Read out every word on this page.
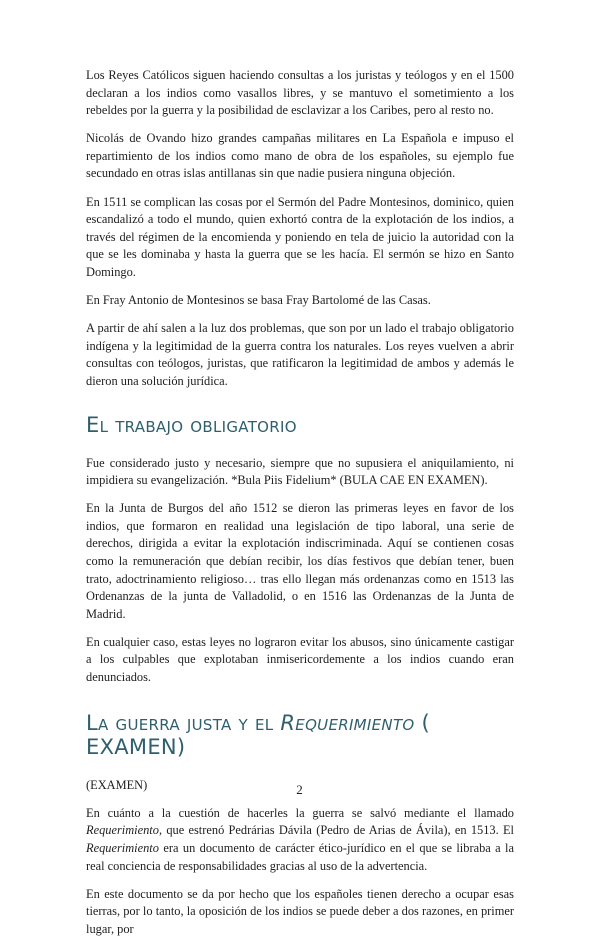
Los Reyes Católicos siguen haciendo consultas a los juristas y teólogos y en el 1500 declaran a los indios como vasallos libres, y se mantuvo el sometimiento a los rebeldes por la guerra y la posibilidad de esclavizar a los Caribes, pero al resto no.

Nicolás de Ovando hizo grandes campañas militares en La Española e impuso el repartimiento de los indios como mano de obra de los españoles, su ejemplo fue secundado en otras islas antillanas sin que nadie pusiera ninguna objeción.

En 1511 se complican las cosas por el Sermón del Padre Montesinos, dominico, quien escandalizó a todo el mundo, quien exhortó contra de la explotación de los indios, a través del régimen de la encomienda y poniendo en tela de juicio la autoridad con la que se les dominaba y hasta la guerra que se les hacía. El sermón se hizo en Santo Domingo.

En Fray Antonio de Montesinos se basa Fray Bartolomé de las Casas.

A partir de ahí salen a la luz dos problemas, que son por un lado el trabajo obligatorio indígena y la legitimidad de la guerra contra los naturales. Los reyes vuelven a abrir consultas con teólogos, juristas, que ratificaron la legitimidad de ambos y además le dieron una solución jurídica.

El trabajo obligatorio

Fue considerado justo y necesario, siempre que no supusiera el aniquilamiento, ni impidiera su evangelización. *Bula Piis Fidelium* (BULA CAE EN EXAMEN).

En la Junta de Burgos del año 1512 se dieron las primeras leyes en favor de los indios, que formaron en realidad una legislación de tipo laboral, una serie de derechos, dirigida a evitar la explotación indiscriminada. Aquí se contienen cosas como la remuneración que debían recibir, los días festivos que debían tener, buen trato, adoctrinamiento religioso… tras ello llegan más ordenanzas como en 1513 las Ordenanzas de la junta de Valladolid, o en 1516 las Ordenanzas de la Junta de Madrid.

En cualquier caso, estas leyes no lograron evitar los abusos, sino únicamente castigar a los culpables que explotaban inmisericordemente a los indios cuando eran denunciados.

La guerra justa y el Requerimiento ( EXAMEN)

(EXAMEN)

En cuánto a la cuestión de hacerles la guerra se salvó mediante el llamado Requerimiento, que estrenó Pedrárias Dávila (Pedro de Arias de Ávila), en 1513. El Requerimiento era un documento de carácter ético-jurídico en el que se libraba a la real conciencia de responsabilidades gracias al uso de la advertencia.

En este documento se da por hecho que los españoles tienen derecho a ocupar esas tierras, por lo tanto, la oposición de los indios se puede deber a dos razones, en primer lugar, por

2
